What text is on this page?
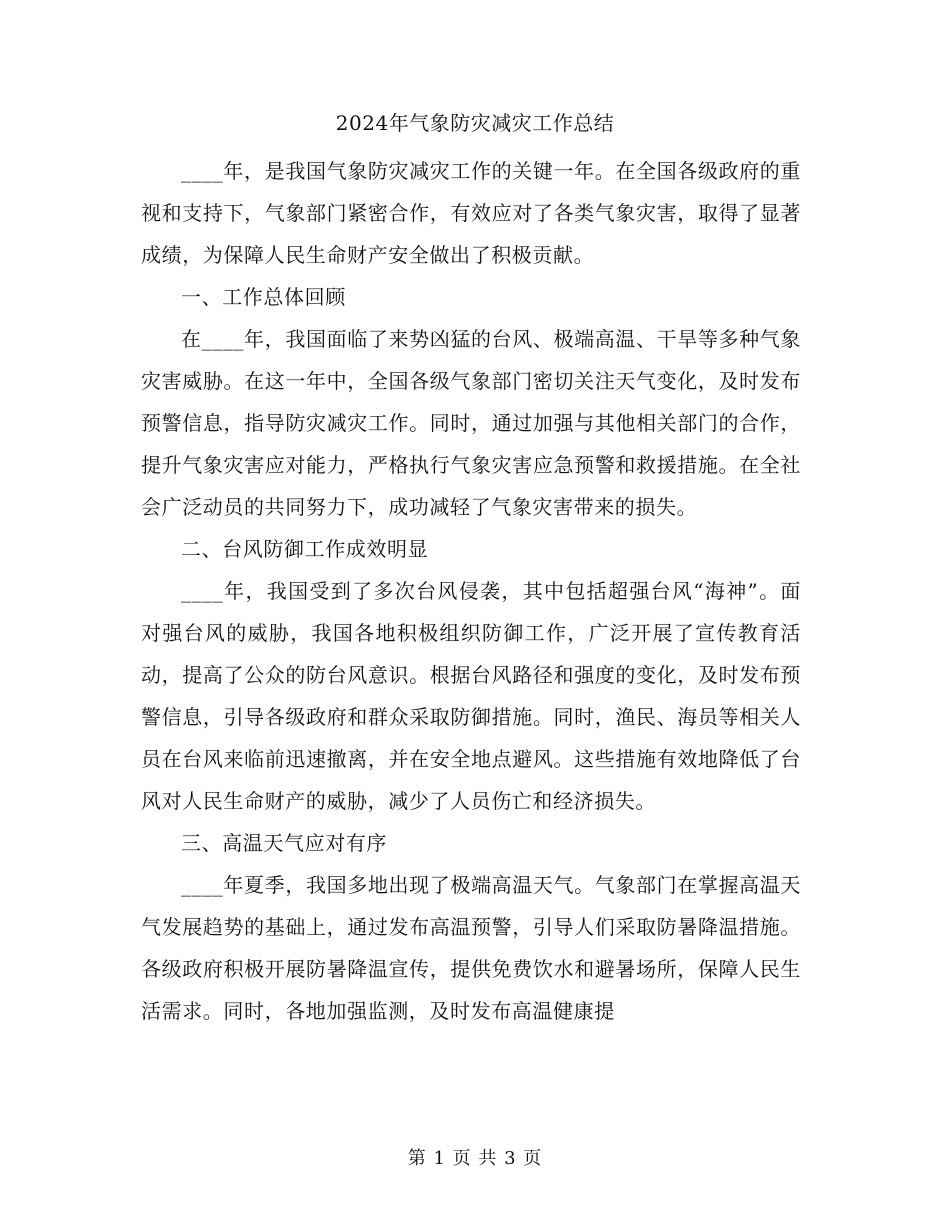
2024年气象防灾减灾工作总结

____年，是我国气象防灾减灾工作的关键一年。在全国各级政府的重视和支持下，气象部门紧密合作，有效应对了各类气象灾害，取得了显著成绩，为保障人民生命财产安全做出了积极贡献。

一、工作总体回顾

在____年，我国面临了来势凶猛的台风、极端高温、干旱等多种气象灾害威胁。在这一年中，全国各级气象部门密切关注天气变化，及时发布预警信息，指导防灾减灾工作。同时，通过加强与其他相关部门的合作，提升气象灾害应对能力，严格执行气象灾害应急预警和救援措施。在全社会广泛动员的共同努力下，成功减轻了气象灾害带来的损失。

二、台风防御工作成效明显

____年，我国受到了多次台风侵袭，其中包括超强台风“海神”。面对强台风的威胁，我国各地积极组织防御工作，广泛开展了宣传教育活动，提高了公众的防台风意识。根据台风路径和强度的变化，及时发布预警信息，引导各级政府和群众采取防御措施。同时，渔民、海员等相关人员在台风来临前迅速撤离，并在安全地点避风。这些措施有效地降低了台风对人民生命财产的威胁，减少了人员伤亡和经济损失。

三、高温天气应对有序

____年夏季，我国多地出现了极端高温天气。气象部门在掌握高温天气发展趋势的基础上，通过发布高温预警，引导人们采取防暑降温措施。各级政府积极开展防暑降温宣传，提供免费饮水和避暑场所，保障人民生活需求。同时，各地加强监测，及时发布高温健康提

第 1 页 共 3 页
